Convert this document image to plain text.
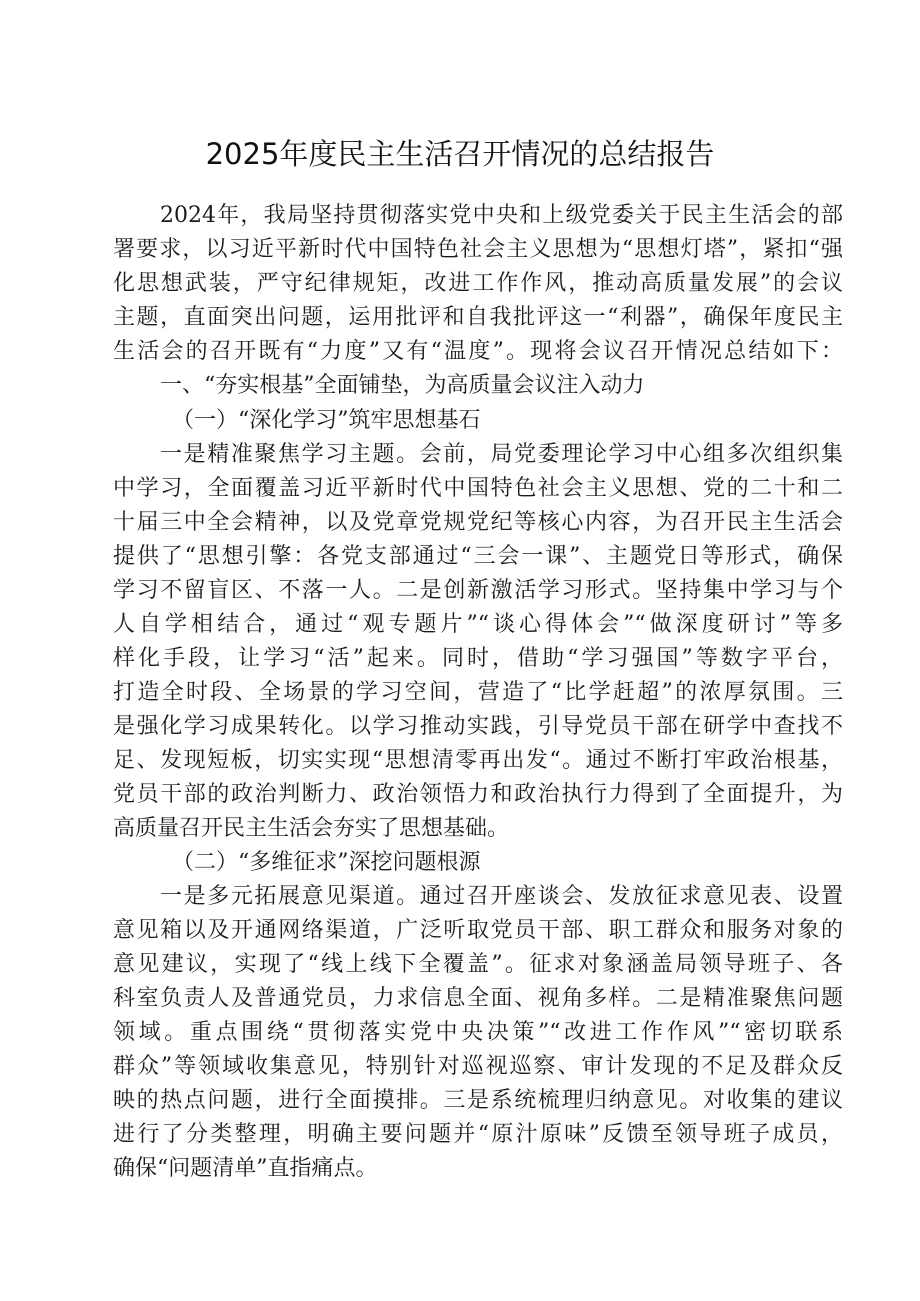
2025年度民主生活召开情况的总结报告

2024年，我局坚持贯彻落实党中央和上级党委关于民主生活会的部

署要求，以习近平新时代中国特色社会主义思想为“思想灯塔”，紧扣“强

化思想武装，严守纪律规矩，改进工作作风，推动高质量发展”的会议

主题，直面突出问题，运用批评和自我批评这一“利器”，确保年度民主

生活会的召开既有“力度”又有“温度”。现将会议召开情况总结如下：

一、“夯实根基”全面铺垫，为高质量会议注入动力

（一）“深化学习”筑牢思想基石

一是精准聚焦学习主题。会前，局党委理论学习中心组多次组织集

中学习，全面覆盖习近平新时代中国特色社会主义思想、党的二十和二

十届三中全会精神，以及党章党规党纪等核心内容，为召开民主生活会

提供了“思想引擎：各党支部通过“三会一课”、主题党日等形式，确保

学习不留盲区、不落一人。二是创新激活学习形式。坚持集中学习与个

人自学相结合，通过“观专题片”“谈心得体会”“做深度研讨”等多

样化手段，让学习“活”起来。同时，借助“学习强国”等数字平台，

打造全时段、全场景的学习空间，营造了“比学赶超”的浓厚氛围。三

是强化学习成果转化。以学习推动实践，引导党员干部在研学中查找不

足、发现短板，切实实现“思想清零再出发“。通过不断打牢政治根基，

党员干部的政治判断力、政治领悟力和政治执行力得到了全面提升，为

高质量召开民主生活会夯实了思想基础。

（二）“多维征求”深挖问题根源

一是多元拓展意见渠道。通过召开座谈会、发放征求意见表、设置

意见箱以及开通网络渠道，广泛听取党员干部、职工群众和服务对象的

意见建议，实现了“线上线下全覆盖”。征求对象涵盖局领导班子、各

科室负责人及普通党员，力求信息全面、视角多样。二是精准聚焦问题

领域。重点围绕“贯彻落实党中央决策”“改进工作作风”“密切联系

群众”等领域收集意见，特别针对巡视巡察、审计发现的不足及群众反

映的热点问题，进行全面摸排。三是系统梳理归纳意见。对收集的建议

进行了分类整理，明确主要问题并“原汁原味”反馈至领导班子成员，

确保“问题清单”直指痛点。
